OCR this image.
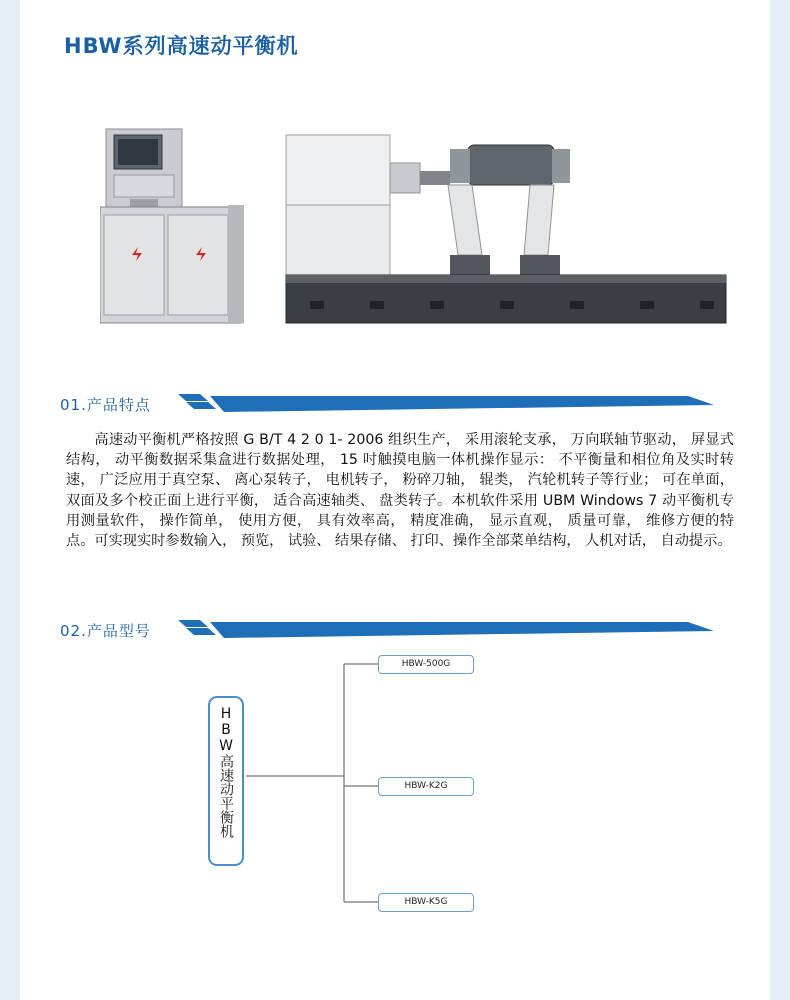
HBW系列高速动平衡机
01.产品特点
高速动平衡机严格按照 G B/T 4 2 0 1- 2006 组织生产， 采用滚轮支承， 万向联轴节驱动， 屏显式结构， 动平衡数据采集盒进行数据处理， 15 吋触摸电脑一体机操作显示： 不平衡量和相位角及实时转速， 广泛应用于真空泵、 离心泵转子， 电机转子， 粉碎刀轴， 辊类， 汽轮机转子等行业； 可在单面， 双面及多个校正面上进行平衡， 适合高速轴类、 盘类转子。本机软件采用 UBM Windows 7 动平衡机专用测量软件， 操作简单， 使用方便， 具有效率高， 精度准确， 显示直观， 质量可靠， 维修方便的特点。可实现实时参数输入， 预览， 试验、 结果存储、 打印、操作全部菜单结构， 人机对话， 自动提示。
02.产品型号
HBW高速动平衡机
HBW-500G
HBW-K2G
HBW-K5G
